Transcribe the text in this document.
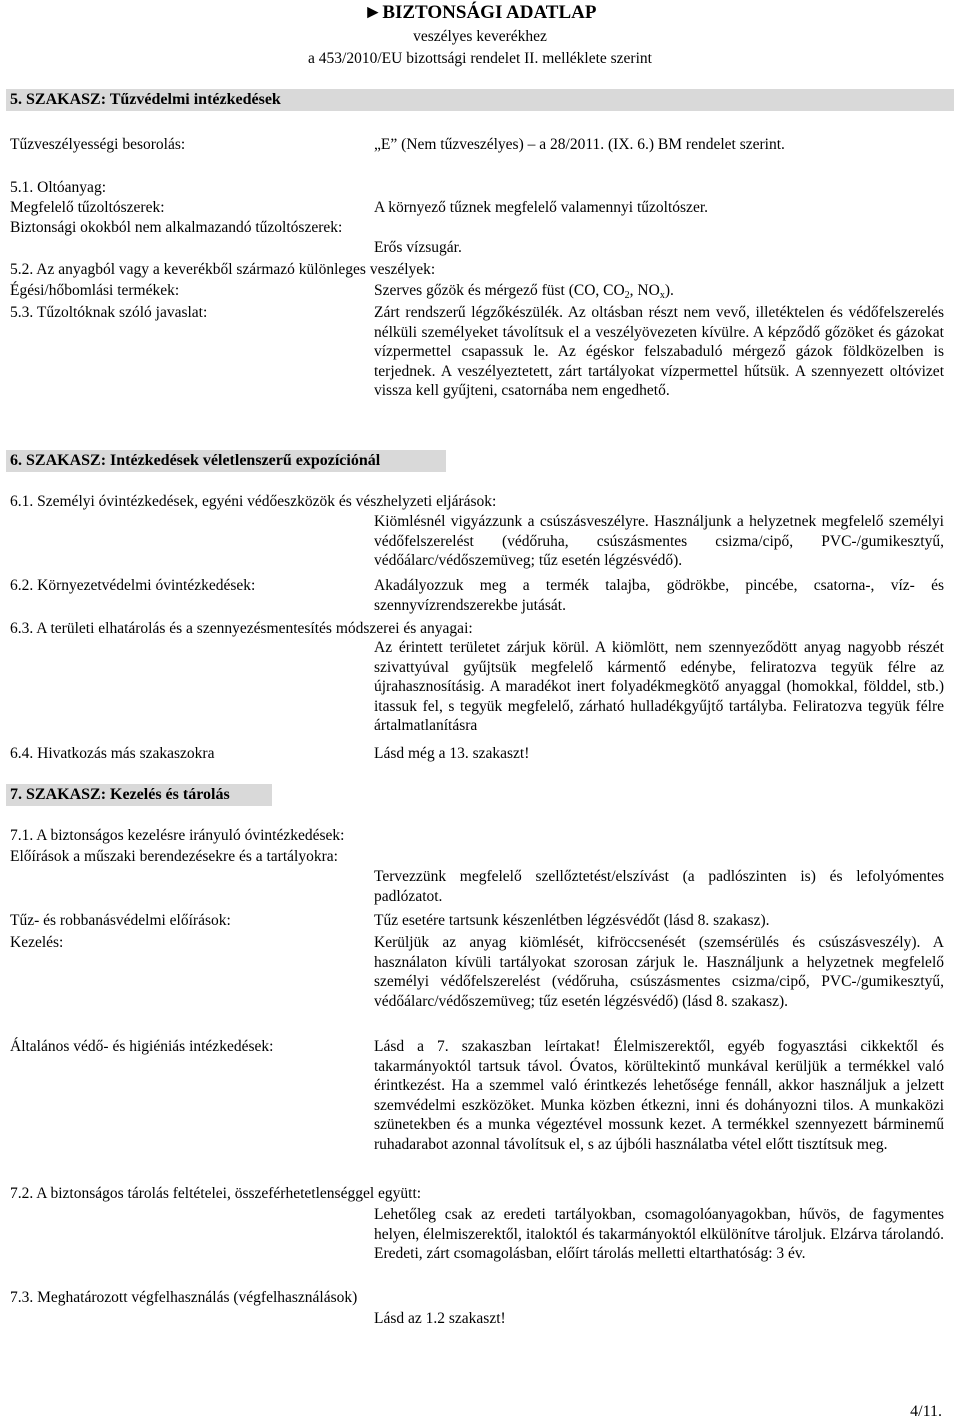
►BIZTONSÁGI ADATLAP
veszélyes keverékhez
a 453/2010/EU bizottsági rendelet II. melléklete szerint
5. SZAKASZ: Tűzvédelmi intézkedések
Tűzveszélyességi besorolás:	„E” (Nem tűzveszélyes) – a 28/2011. (IX. 6.) BM rendelet szerint.
5.1. Oltóanyag:
Megfelelő tűzoltószerek:	A környező tűznek megfelelő valamennyi tűzoltószer.
Biztonsági okokból nem alkalmazandó tűzoltószerek:
Erős vízsugár.
5.2. Az anyagból vagy a keverékből származó különleges veszélyek:
Égési/hőbomlási termékek:	Szerves gőzök és mérgező füst (CO, $CO_2$, $NO_x$).
5.3. Tűzoltóknak szóló javaslat:	Zárt rendszerű légzőkészülék. Az oltásban részt nem vevő, illetéktelen és védőfelszerelés nélküli személyeket távolítsuk el a veszélyövezeten kívülre. A képződő gőzöket és gázokat vízpermettel csapassuk le. Az égéskor felszabaduló mérgező gázok földközelben is terjednek. A veszélyeztetett, zárt tartályokat vízpermettel hűtsük. A szennyezett oltóvizet vissza kell gyűjteni, csatornába nem engedhető.

6. SZAKASZ: Intézkedések véletlenszerű expozíciónál
6.1. Személyi óvintézkedések, egyéni védőeszközök és vészhelyzeti eljárások:

Kiömlésnél vigyázzunk a csúszásveszélyre. Használjunk a helyzetnek megfelelő személyi védőfelszerelést (védőruha, csúszásmentes csizma/cipő, PVC-/gumikesztyű, védőálarc/védőszemüveg; tűz esetén légzésvédő).

6.2. Környezetvédelmi óvintézkedések:	Akadályozzuk meg a termék talajba, gödrökbe, pincébe, csatorna-, víz- és szennyvízrendszerekbe jutását.

6.3. A területi elhatárolás és a szennyezésmentesítés módszerei és anyagai:

Az érintett területet zárjuk körül. A kiömlött, nem szennyeződött anyag nagyobb részét szivattyúval gyűjtsük megfelelő kármentő edénybe, feliratozva tegyük félre az újrahasznosításig. A maradékot inert folyadékmegkötő anyaggal (homokkal, földdel, stb.) itassuk fel, s tegyük megfelelő, zárható hulladékgyűjtő tartályba. Feliratozva tegyük félre ártalmatlanításra

6.4. Hivatkozás más szakaszokra	Lásd még a 13. szakaszt!
7. SZAKASZ: Kezelés és tárolás
7.1. A biztonságos kezelésre irányuló óvintézkedések:
Előírások a műszaki berendezésekre és a tartályokra:

Tervezzünk megfelelő szellőztetést/elszívást (a padlószinten is) és lefolyómentes padlózatot.

Tűz- és robbanásvédelmi előírások:	Tűz esetére tartsunk készenlétben légzésvédőt (lásd 8. szakasz).
Kezelés:	Kerüljük az anyag kiömlését, kifröccsenését (szemsérülés és csúszásveszély). A használaton kívüli tartályokat szorosan zárjuk le. Használjunk a helyzetnek megfelelő személyi védőfelszerelést (védőruha, csúszásmentes csizma/cipő, PVC-/gumikesztyű, védőálarc/védőszemüveg; tűz esetén légzésvédő) (lásd 8. szakasz).

Általános védő- és higiéniás intézkedések:	Lásd a 7. szakaszban leírtakat! Élelmiszerektől, egyéb fogyasztási cikkektől és takarmányoktól tartsuk távol. Óvatos, körültekintő munkával kerüljük a termékkel való érintkezést. Ha a szemmel való érintkezés lehetősége fennáll, akkor használjuk a jelzett szemvédelmi eszközöket. Munka közben étkezni, inni és dohányozni tilos. A munkaközi szünetekben és a munka végeztével mossunk kezet. A termékkel szennyezett bárminemű ruhadarabot azonnal távolítsuk el, s az újbóli használatba vétel előtt tisztítsuk meg.

7.2. A biztonságos tárolás feltételei, összeférhetetlenséggel együtt:

Lehetőleg csak az eredeti tartályokban, csomagolóanyagokban, hűvös, de fagymentes helyen, élelmiszerektől, italoktól és takarmányoktól elkülönítve tároljuk. Elzárva tárolandó. Eredeti, zárt csomagolásban, előírt tárolás melletti eltarthatóság: 3 év.

7.3. Meghatározott végfelhasználás (végfelhasználások)
Lásd az 1.2 szakaszt!
4/11.
